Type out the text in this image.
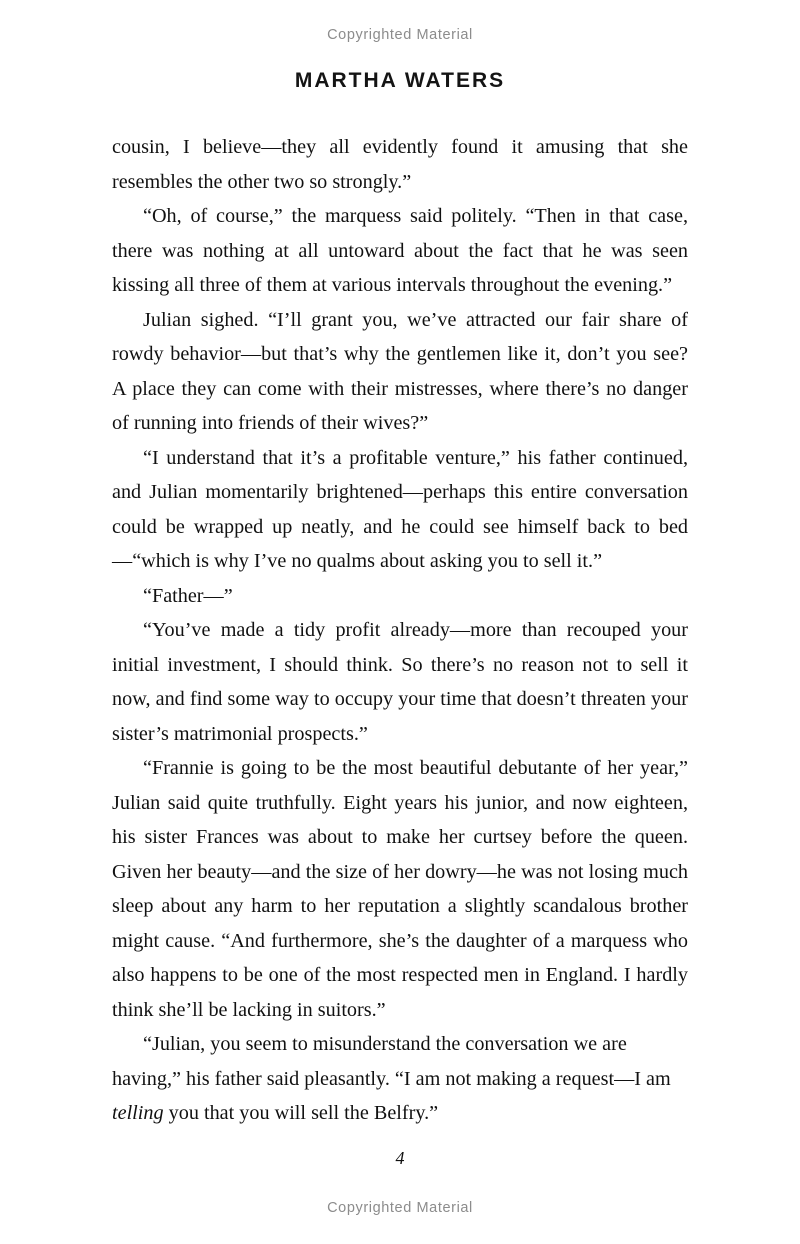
Copyrighted Material
MARTHA WATERS

cousin, I believe—they all evidently found it amusing that she resembles the other two so strongly.”

“Oh, of course,” the marquess said politely. “Then in that case, there was nothing at all untoward about the fact that he was seen kissing all three of them at various intervals throughout the evening.”

Julian sighed. “I’ll grant you, we’ve attracted our fair share of rowdy behavior—but that’s why the gentlemen like it, don’t you see? A place they can come with their mistresses, where there’s no danger of running into friends of their wives?”

“I understand that it’s a profitable venture,” his father continued, and Julian momentarily brightened—perhaps this entire conversation could be wrapped up neatly, and he could see himself back to bed—“which is why I’ve no qualms about asking you to sell it.”

“Father—”

“You’ve made a tidy profit already—more than recouped your initial investment, I should think. So there’s no reason not to sell it now, and find some way to occupy your time that doesn’t threaten your sister’s matrimonial prospects.”

“Frannie is going to be the most beautiful debutante of her year,” Julian said quite truthfully. Eight years his junior, and now eighteen, his sister Frances was about to make her curtsey before the queen. Given her beauty—and the size of her dowry—he was not losing much sleep about any harm to her reputation a slightly scandalous brother might cause. “And furthermore, she’s the daughter of a marquess who also happens to be one of the most respected men in England. I hardly think she’ll be lacking in suitors.”

“Julian, you seem to misunderstand the conversation we are having,” his father said pleasantly. “I am not making a request—I am telling you that you will sell the Belfry.”

4
Copyrighted Material
